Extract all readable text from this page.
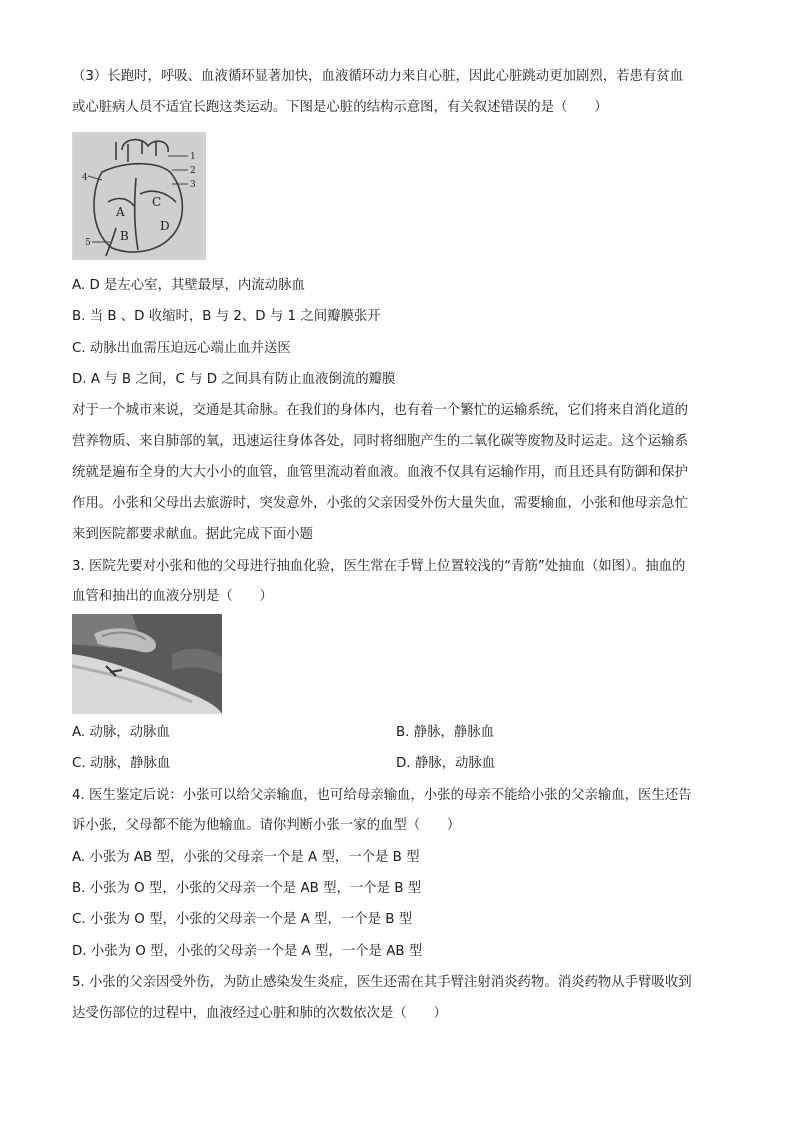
（3）长跑时，呼吸、血液循环显著加快，血液循环动力来自心脏，因此心脏跳动更加剧烈，若患有贫血
或心脏病人员不适宜长跑这类运动。下图是心脏的结构示意图，有关叙述错误的是（　　）
1
2
3
4
5
A
B
C
D
A. D 是左心室，其壁最厚，内流动脉血
B. 当 B 、D 收缩时，B 与 2、D 与 1 之间瓣膜张开
C. 动脉出血需压迫远心端止血并送医
D. A 与 B 之间，C 与 D 之间具有防止血液倒流的瓣膜
对于一个城市来说，交通是其命脉。在我们的身体内，也有着一个繁忙的运输系统，它们将来自消化道的
营养物质、来自肺部的氧，迅速运往身体各处，同时将细胞产生的二氧化碳等废物及时运走。这个运输系
统就是遍布全身的大大小小的血管，血管里流动着血液。血液不仅具有运输作用，而且还具有防御和保护
作用。小张和父母出去旅游时，突发意外，小张的父亲因受外伤大量失血，需要输血，小张和他母亲急忙
来到医院都要求献血。据此完成下面小题
3. 医院先要对小张和他的父母进行抽血化验，医生常在手臂上位置较浅的“青筋”处抽血（如图）。抽血的
血管和抽出的血液分别是（　　）
A. 动脉，动脉血	B. 静脉，静脉血
C. 动脉，静脉血	D. 静脉，动脉血
4. 医生鉴定后说：小张可以给父亲输血，也可给母亲输血，小张的母亲不能给小张的父亲输血，医生还告
诉小张，父母都不能为他输血。请你判断小张一家的血型（　　）
A. 小张为 AB 型，小张的父母亲一个是 A 型，一个是 B 型
B. 小张为 O 型，小张的父母亲一个是 AB 型，一个是 B 型
C. 小张为 O 型，小张的父母亲一个是 A 型，一个是 B 型
D. 小张为 O 型，小张的父母亲一个是 A 型，一个是 AB 型
5. 小张的父亲因受外伤，为防止感染发生炎症，医生还需在其手臂注射消炎药物。消炎药物从手臂吸收到
达受伤部位的过程中，血液经过心脏和肺的次数依次是（　　）
